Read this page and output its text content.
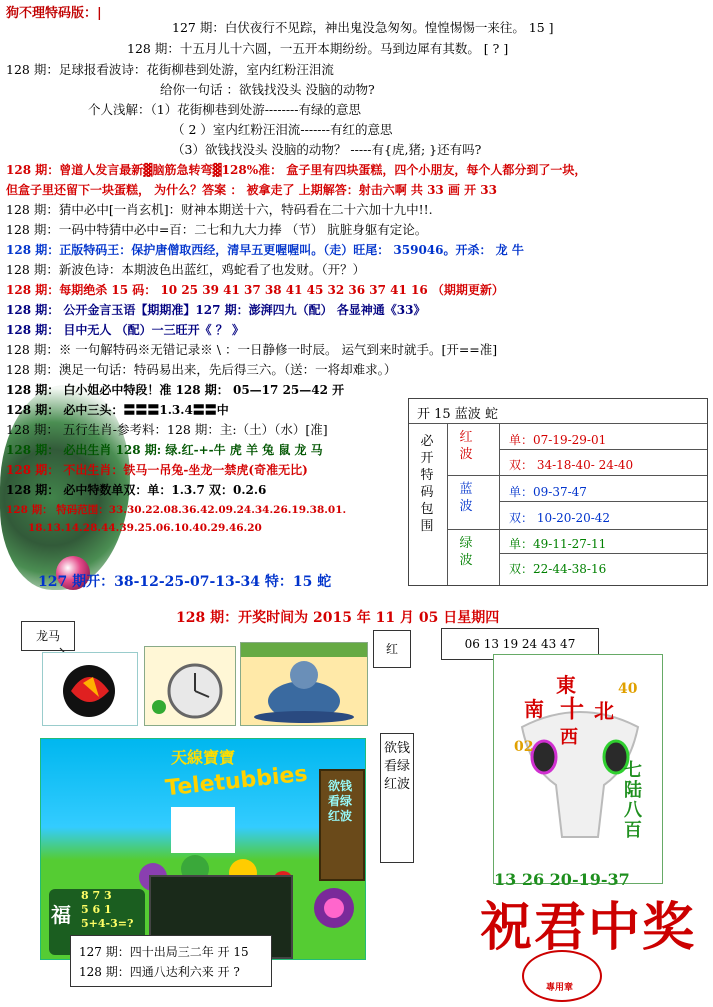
狗不理特码版：|
127 期：白伏夜行不见踪，神出鬼没急匆匆。惶惶惕惕一来往。 15 ]
128 期：十五月儿十六圆，一五开本期纷纷。马到边犀有其数。 [ ? ]
128 期：足球报看波诗：花街柳巷到处游，室内红粉汪泪流
给你一句话 ：欲钱找没头 没脑的动物?
个人浅解：（1）花街柳巷到处游--------有绿的意思
（ 2 ）室内红粉汪泪流-------有红的意思
（3）欲钱找没头 没脑的动物？ -----有{虎,猪; }还有吗?
128 期：曾道人发言最新▓脑筋急转弯▓128%准： 盒子里有四块蛋糕，四个小朋友，每个人都分到了一块，
但盒子里还留下一块蛋糕， 为什么？答案 ： 被拿走了 上期解答：射击六啊 共 33 画 开 33
128 期：猜中必中[一肖玄机]：财神本期送十六，特码看在二十六加十九中!!.
128 期：一码中特猜中必中=百：二七和九大力捧 （节） 肮脏身躯有定论。
128 期：正版特码王：保护唐僧取西经，清早五更喔喔叫。（走）旺尾： 359046。开杀： 龙 牛
128 期：新波色诗：本期波色出蓝红，鸡蛇看了也发财。（开？）
128 期：每期绝杀 15 码： 10 25 39 41 37 38 41 45 32 36 37 41 16 （期期更新）
128 期： 公开金言玉语【期期准】127 期：澎湃四九（配） 各显神通《33》
128 期： 目中无人 （配）一三旺开《 ？ 》
128 期：※ 一句解特码※无错记录※ \ ：一日静修一时辰。 运气到来时就手。[开==准]
128 期：澳足一句话：特码易出来，先后得三六。（送：一将却难求。）
128 期： 白小姐必中特段！准 128 期： 05—17 25—42 开
128 期： 必中三头：〓〓〓1.3.4〓〓中
128 期： 五行生肖-参考料：128 期：主:（土）（水）[准]
128 期： 必出生肖 128 期: 绿.红-+-牛 虎 羊 兔 鼠 龙 马
128 期： 不出生肖：铁马一吊兔-坐龙一禁虎(奇准无比)
128 期： 必中特数单双：单：1.3.7 双：0.2.6
128 期： 特码范围：33.30.22.08.36.42.09.24.34.26.19.38.01.
18.13.14.28.44.39.25.06.10.40.29.46.20
127 期开：38-12-25-07-13-34 特：15 蛇
开 15 蓝波 蛇
必开特码包围
红波
单：07-19-29-01
双： 34-18-40- 24-40
蓝波
单：09-37-47
双： 10-20-20-42
绿波
单：49-11-27-11
双：22-44-38-16
128 期：开奖时间为 2015 年 11 月 05 日星期四
龙马
红	06 13 19 24 43 47
欲钱看绿红波
天線寶寶
Teletubbies 欲钱看绿红波
福
8 7 3
5 6 1
5+4-3=?
127 期：四十出局三二年 开 15
128 期：四通八达利六来 开 ?
東
南 十 北
西
40
02
七陆八百
13 26 20-19-37
祝君中奖
專用章
